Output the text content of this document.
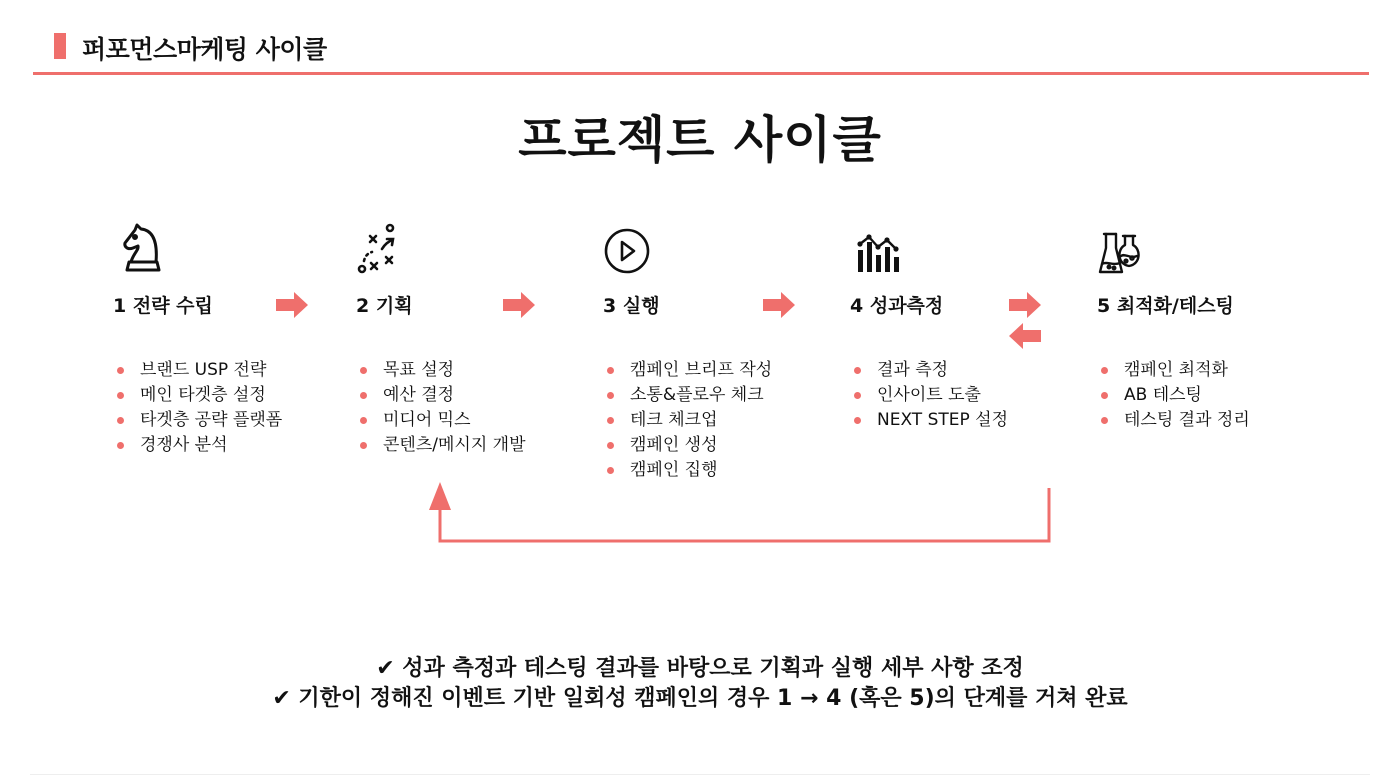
퍼포먼스마케팅 사이클
프로젝트 사이클
1 전략 수립
브랜드 USP 전략
메인 타겟층 설정
타겟층 공략 플랫폼
경쟁사 분석
2 기획
목표 설정
예산 결정
미디어 믹스
콘텐츠/메시지 개발
3 실행
캠페인 브리프 작성
소통&플로우 체크
테크 체크업
캠페인 생성
캠페인 집행
4 성과측정
결과 측정
인사이트 도출
NEXT STEP 설정
5 최적화/테스팅
캠페인 최적화
AB 테스팅
테스팅 결과 정리
✔ 성과 측정과 테스팅 결과를 바탕으로 기획과 실행 세부 사항 조정
✔ 기한이 정해진 이벤트 기반 일회성 캠페인의 경우 1 → 4 (혹은 5)의 단계를 거쳐 완료
